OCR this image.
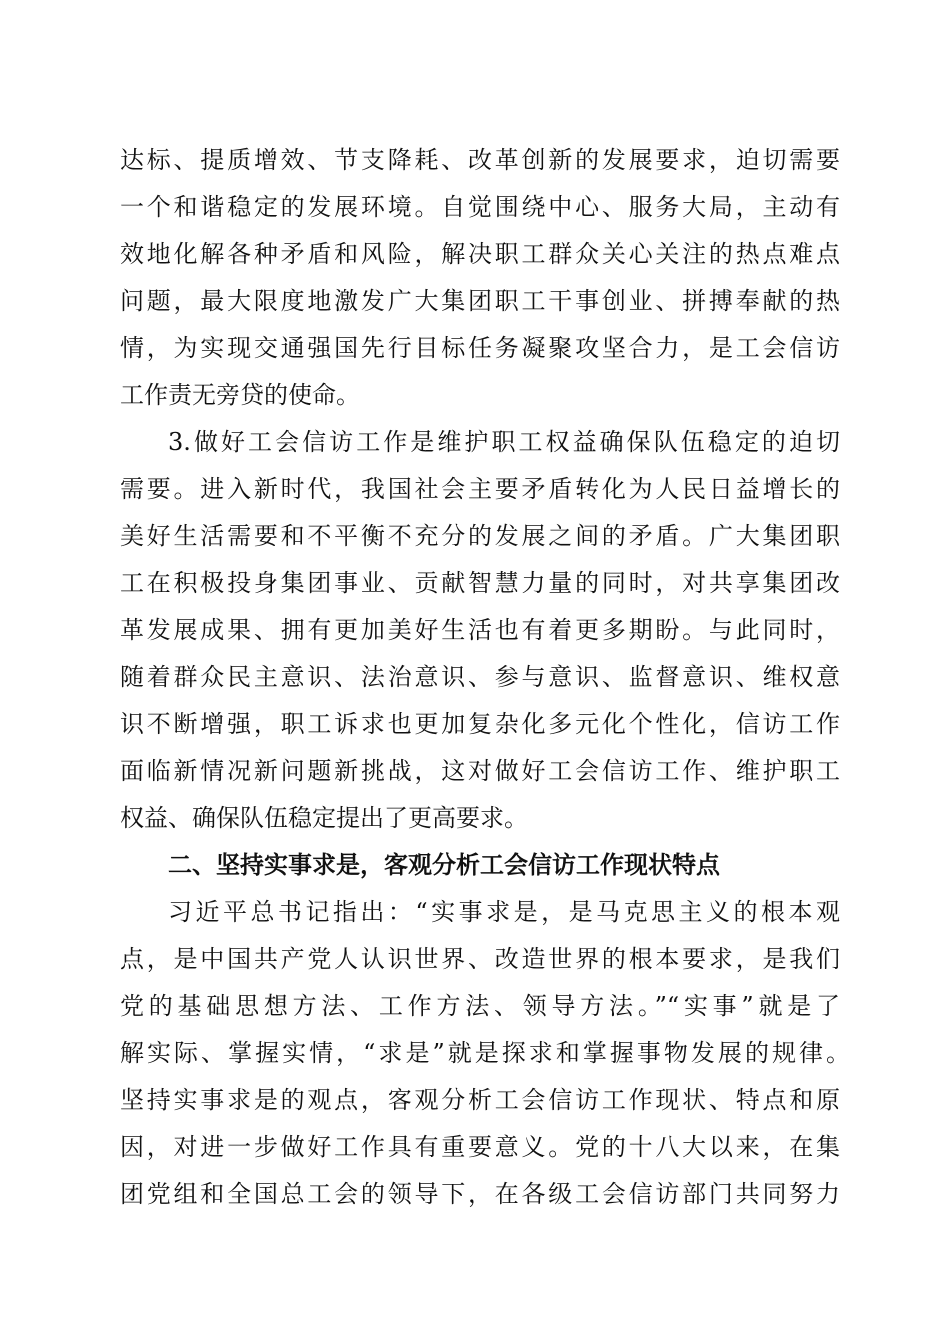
达标、提质增效、节支降耗、改革创新的发展要求，迫切需要
一个和谐稳定的发展环境。自觉围绕中心、服务大局，主动有
效地化解各种矛盾和风险，解决职工群众关心关注的热点难点
问题，最大限度地激发广大集团职工干事创业、拼搏奉献的热
情，为实现交通强国先行目标任务凝聚攻坚合力，是工会信访
工作责无旁贷的使命。
3.做好工会信访工作是维护职工权益确保队伍稳定的迫切
需要。进入新时代，我国社会主要矛盾转化为人民日益增长的
美好生活需要和不平衡不充分的发展之间的矛盾。广大集团职
工在积极投身集团事业、贡献智慧力量的同时，对共享集团改
革发展成果、拥有更加美好生活也有着更多期盼。与此同时，
随着群众民主意识、法治意识、参与意识、监督意识、维权意
识不断增强，职工诉求也更加复杂化多元化个性化，信访工作
面临新情况新问题新挑战，这对做好工会信访工作、维护职工
权益、确保队伍稳定提出了更高要求。
二、坚持实事求是，客观分析工会信访工作现状特点
习近平总书记指出：“实事求是，是马克思主义的根本观
点，是中国共产党人认识世界、改造世界的根本要求，是我们
党的基础思想方法、工作方法、领导方法。”“实事”就是了
解实际、掌握实情，“求是”就是探求和掌握事物发展的规律。
坚持实事求是的观点，客观分析工会信访工作现状、特点和原
因，对进一步做好工作具有重要意义。党的十八大以来，在集
团党组和全国总工会的领导下，在各级工会信访部门共同努力
